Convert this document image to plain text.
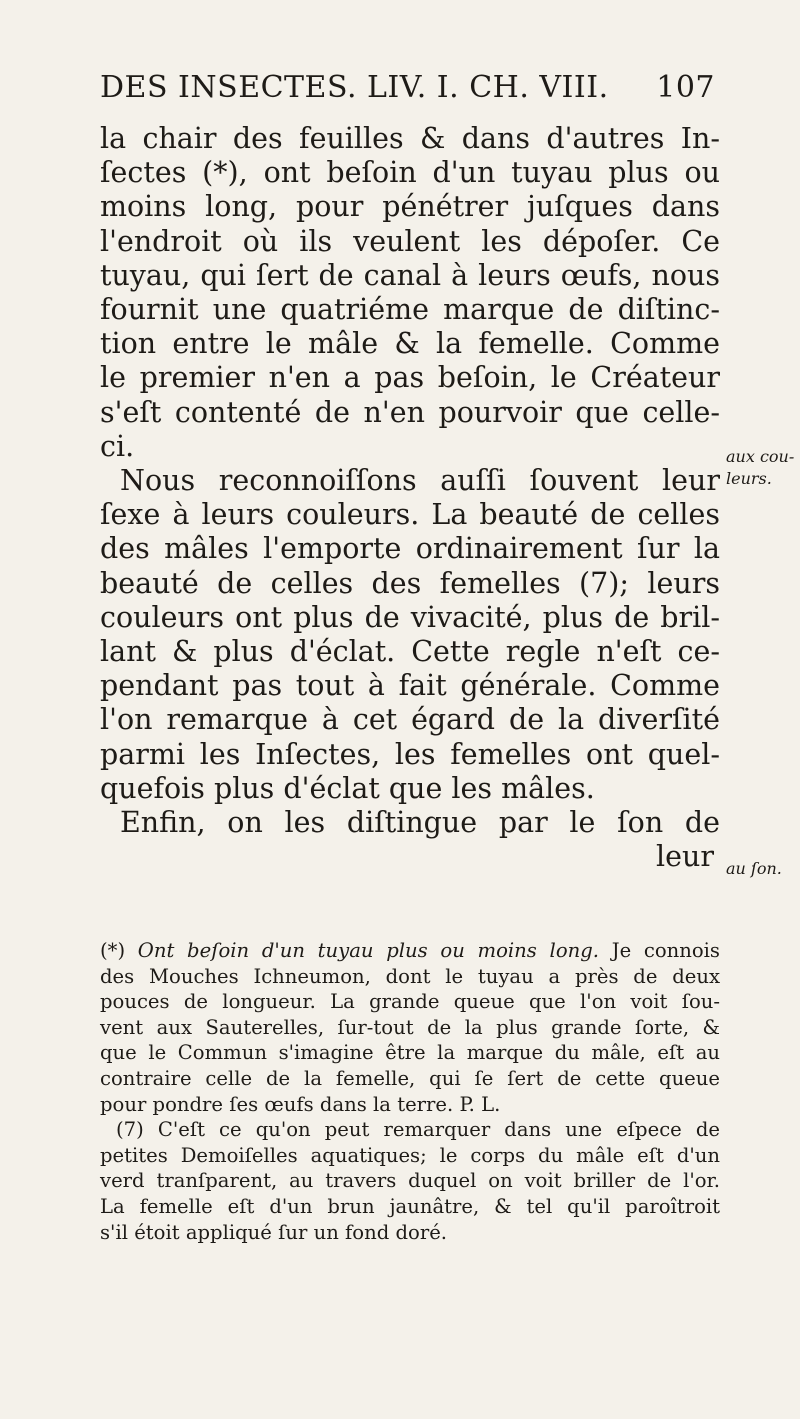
DES INSECTES. LIV. I. CH. VIII. 107
la chair des feuilles & dans d'autres In-
ſectes (*), ont beſoin d'un tuyau plus ou
moins long, pour pénétrer juſques dans
l'endroit où ils veulent les dépoſer. Ce
tuyau, qui ſert de canal à leurs œufs, nous
fournit une quatriéme marque de diſtinc-
tion entre le mâle & la femelle. Comme
le premier n'en a pas beſoin, le Créateur
s'eſt contenté de n'en pourvoir que celle-
ci.
Nous reconnoiſſons auſſi ſouvent leur
ſexe à leurs couleurs. La beauté de celles
des mâles l'emporte ordinairement ſur la
beauté de celles des femelles (7); leurs
couleurs ont plus de vivacité, plus de bril-
lant & plus d'éclat. Cette regle n'eſt ce-
pendant pas tout à fait générale. Comme
l'on remarque à cet égard de la diverſité
parmi les Inſectes, les femelles ont quel-
quefois plus d'éclat que les mâles.
Enfin, on les diſtingue par le ſon de
leur
aux cou-
leurs.
au ſon.
(*) Ont beſoin d'un tuyau plus ou moins long. Je connois
des Mouches Ichneumon, dont le tuyau a près de deux
pouces de longueur. La grande queue que l'on voit ſou-
vent aux Sauterelles, ſur-tout de la plus grande ſorte, &
que le Commun s'imagine être la marque du mâle, eſt au
contraire celle de la femelle, qui ſe ſert de cette queue
pour pondre ſes œufs dans la terre. P. L.
(7) C'eſt ce qu'on peut remarquer dans une eſpece de
petites Demoiſelles aquatiques; le corps du mâle eſt d'un
verd tranſparent, au travers duquel on voit briller de l'or.
La femelle eſt d'un brun jaunâtre, & tel qu'il paroîtroit
s'il étoit appliqué ſur un fond doré.
